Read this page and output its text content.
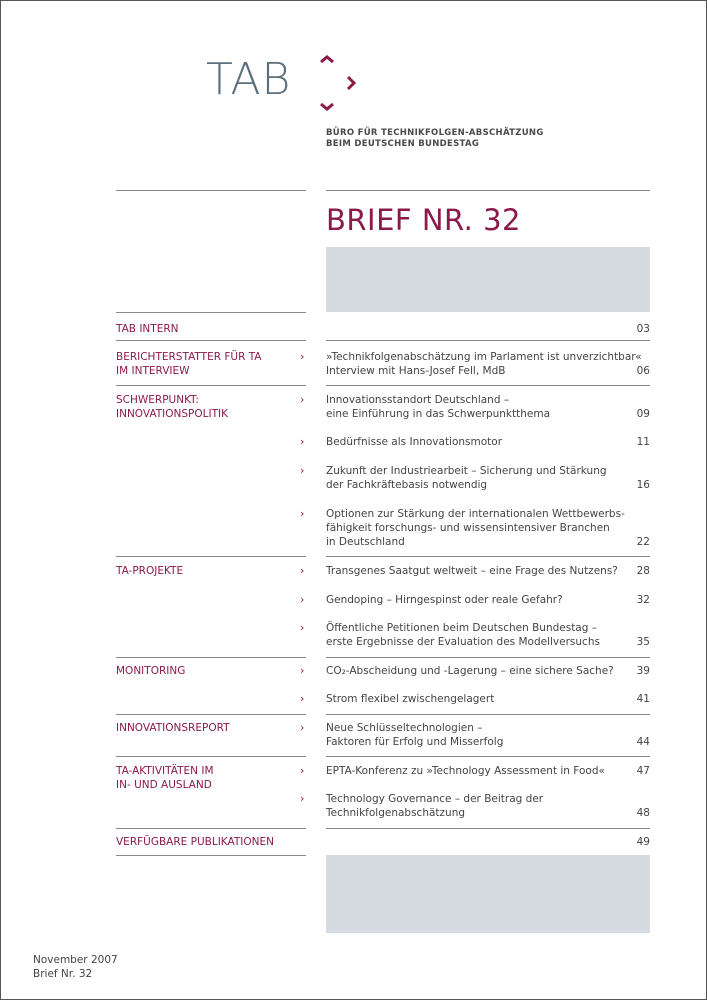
TAB
BÜRO FÜR TECHNIKFOLGEN-ABSCHÄTZUNG
BEIM DEUTSCHEN BUNDESTAG
BRIEF NR. 32
TAB INTERN	03
BERICHTERSTATTER FÜR TA
IM INTERVIEW
› »Technikfolgenabschätzung im Parlament ist unverzichtbar«
Interview mit Hans-Josef Fell, MdB	06
SCHWERPUNKT:
INNOVATIONSPOLITIK
› Innovationsstandort Deutschland –
eine Einführung in das Schwerpunktthema	09
› Bedürfnisse als Innovationsmotor	11
› Zukunft der Industriearbeit – Sicherung und Stärkung
der Fachkräftebasis notwendig	16
› Optionen zur Stärkung der internationalen Wettbewerbs-
fähigkeit forschungs- und wissensintensiver Branchen
in Deutschland	22
TA-PROJEKTE	› Transgenes Saatgut weltweit – eine Frage des Nutzens?	28
› Gendoping – Hirngespinst oder reale Gefahr?	32
› Öffentliche Petitionen beim Deutschen Bundestag –
erste Ergebnisse der Evaluation des Modellversuchs	35
MONITORING	› CO₂-Abscheidung und -Lagerung – eine sichere Sache?	39
› Strom flexibel zwischengelagert	41
INNOVATIONSREPORT	› Neue Schlüsseltechnologien –
Faktoren für Erfolg und Misserfolg	44
TA-AKTIVITÄTEN IM
IN- UND AUSLAND
› EPTA-Konferenz zu »Technology Assessment in Food«	47
› Technology Governance – der Beitrag der
Technikfolgenabschätzung	48
VERFÜGBARE PUBLIKATIONEN	49
November 2007
Brief Nr. 32
